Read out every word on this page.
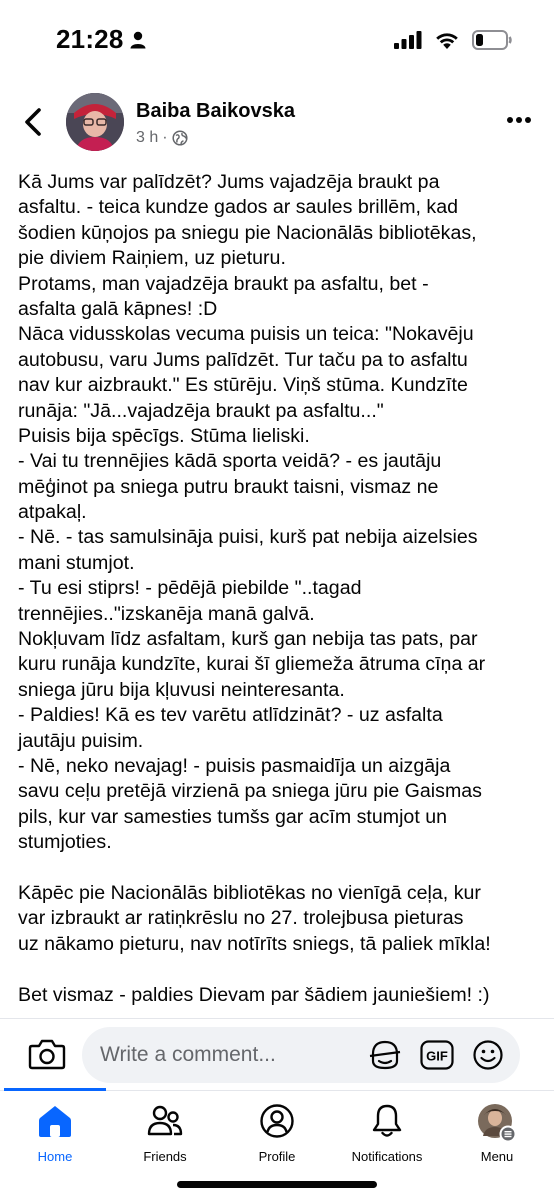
21:28
Baiba Baikovska
3 h ·
Kā Jums var palīdzēt? Jums vajadzēja braukt pa
asfaltu. - teica kundze gados ar saules brillēm, kad
šodien kūņojos pa sniegu pie Nacionālās bibliotēkas,
pie diviem Raiņiem, uz pieturu.
Protams, man vajadzēja braukt pa asfaltu, bet -
asfalta galā kāpnes! :D
Nāca vidusskolas vecuma puisis un teica: "Nokavēju
autobusu, varu Jums palīdzēt. Tur taču pa to asfaltu
nav kur aizbraukt." Es stūrēju. Viņš stūma. Kundzīte
runāja: "Jā...vajadzēja braukt pa asfaltu..."
Puisis bija spēcīgs. Stūma lieliski.
- Vai tu trennējies kādā sporta veidā? - es jautāju
mēģinot pa sniega putru braukt taisni, vismaz ne
atpakaļ.
- Nē. - tas samulsināja puisi, kurš pat nebija aizelsies
mani stumjot.
- Tu esi stiprs! - pēdējā piebilde "..tagad
trennējies.."izskanēja manā galvā.
Nokļuvam līdz asfaltam, kurš gan nebija tas pats, par
kuru runāja kundzīte, kurai šī gliemeža ātruma cīņa ar
sniega jūru bija kļuvusi neinteresanta.
- Paldies! Kā es tev varētu atlīdzināt? - uz asfalta
jautāju puisim.
- Nē, neko nevajag! - puisis pasmaidīja un aizgāja
savu ceļu pretējā virzienā pa sniega jūru pie Gaismas
pils, kur var samesties tumšs gar acīm stumjot un
stumjoties.
Kāpēc pie Nacionālās bibliotēkas no vienīgā ceļa, kur
var izbraukt ar ratiņkrēslu no 27. trolejbusa pieturas
uz nākamo pieturu, nav notīrīts sniegs, tā paliek mīkla!
Bet vismaz - paldies Dievam par šādiem jauniešiem! :)
Write a comment...
GIF
Home	Friends	Profile	Notifications	Menu
